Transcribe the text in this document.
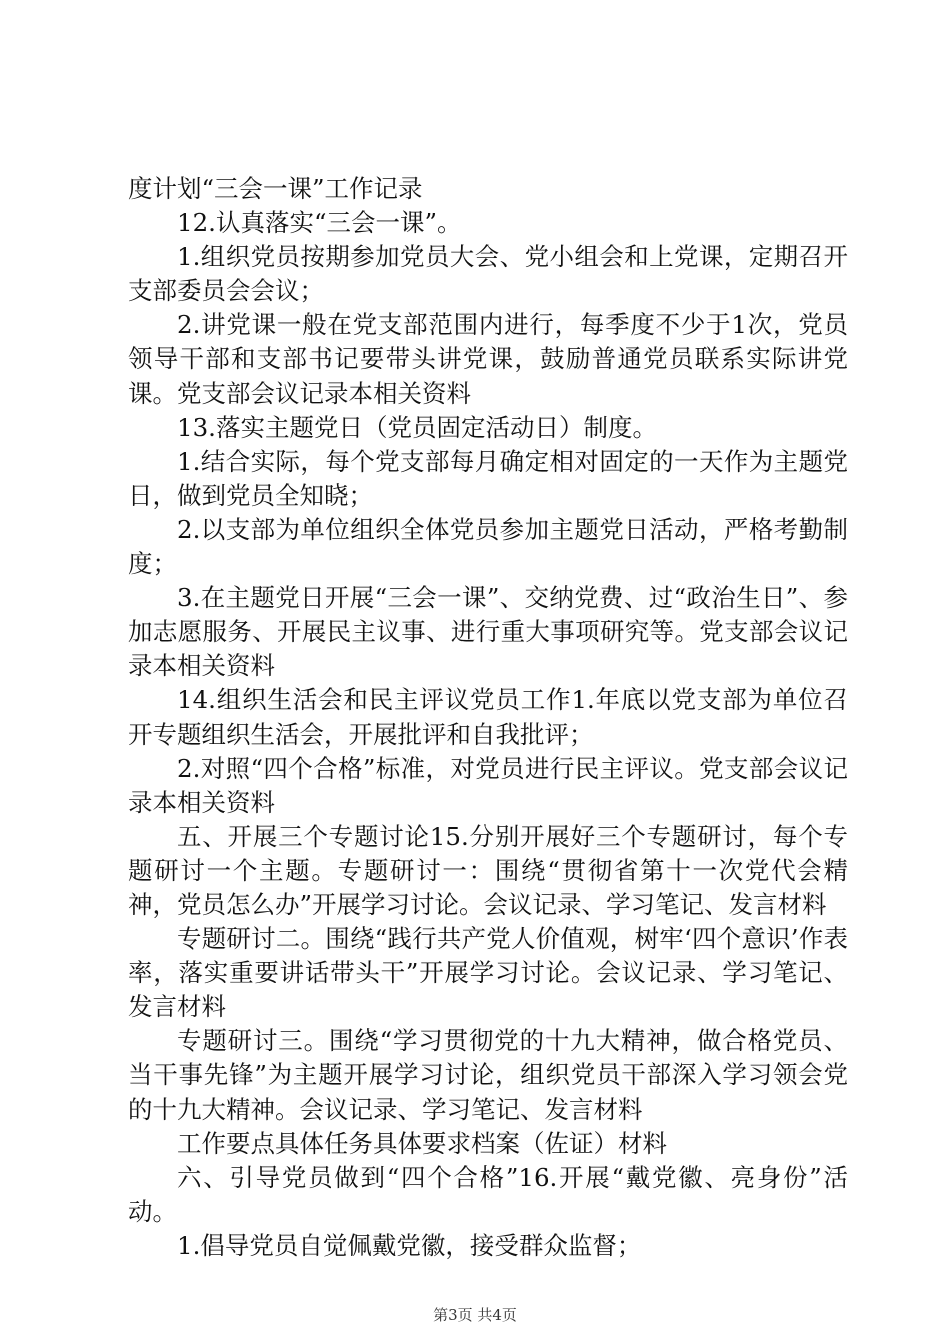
度计划“三会一课”工作记录

12.认真落实“三会一课”。

1.组织党员按期参加党员大会、党小组会和上党课，定期召开支部委员会会议；

2.讲党课一般在党支部范围内进行，每季度不少于1次，党员领导干部和支部书记要带头讲党课，鼓励普通党员联系实际讲党课。党支部会议记录本相关资料

13.落实主题党日（党员固定活动日）制度。

1.结合实际，每个党支部每月确定相对固定的一天作为主题党日，做到党员全知晓；

2.以支部为单位组织全体党员参加主题党日活动，严格考勤制度；

3.在主题党日开展“三会一课”、交纳党费、过“政治生日”、参加志愿服务、开展民主议事、进行重大事项研究等。党支部会议记录本相关资料

14.组织生活会和民主评议党员工作1.年底以党支部为单位召开专题组织生活会，开展批评和自我批评；

2.对照“四个合格”标准，对党员进行民主评议。党支部会议记录本相关资料

五、开展三个专题讨论15.分别开展好三个专题研讨，每个专题研讨一个主题。专题研讨一：围绕“贯彻省第十一次党代会精神，党员怎么办”开展学习讨论。会议记录、学习笔记、发言材料

专题研讨二。围绕“践行共产党人价值观，树牢‘四个意识’作表率，落实重要讲话带头干”开展学习讨论。会议记录、学习笔记、发言材料

专题研讨三。围绕“学习贯彻党的十九大精神，做合格党员、当干事先锋”为主题开展学习讨论，组织党员干部深入学习领会党的十九大精神。会议记录、学习笔记、发言材料

工作要点具体任务具体要求档案（佐证）材料

六、引导党员做到“四个合格”16.开展“戴党徽、亮身份”活动。

1.倡导党员自觉佩戴党徽，接受群众监督；

第3页 共4页
